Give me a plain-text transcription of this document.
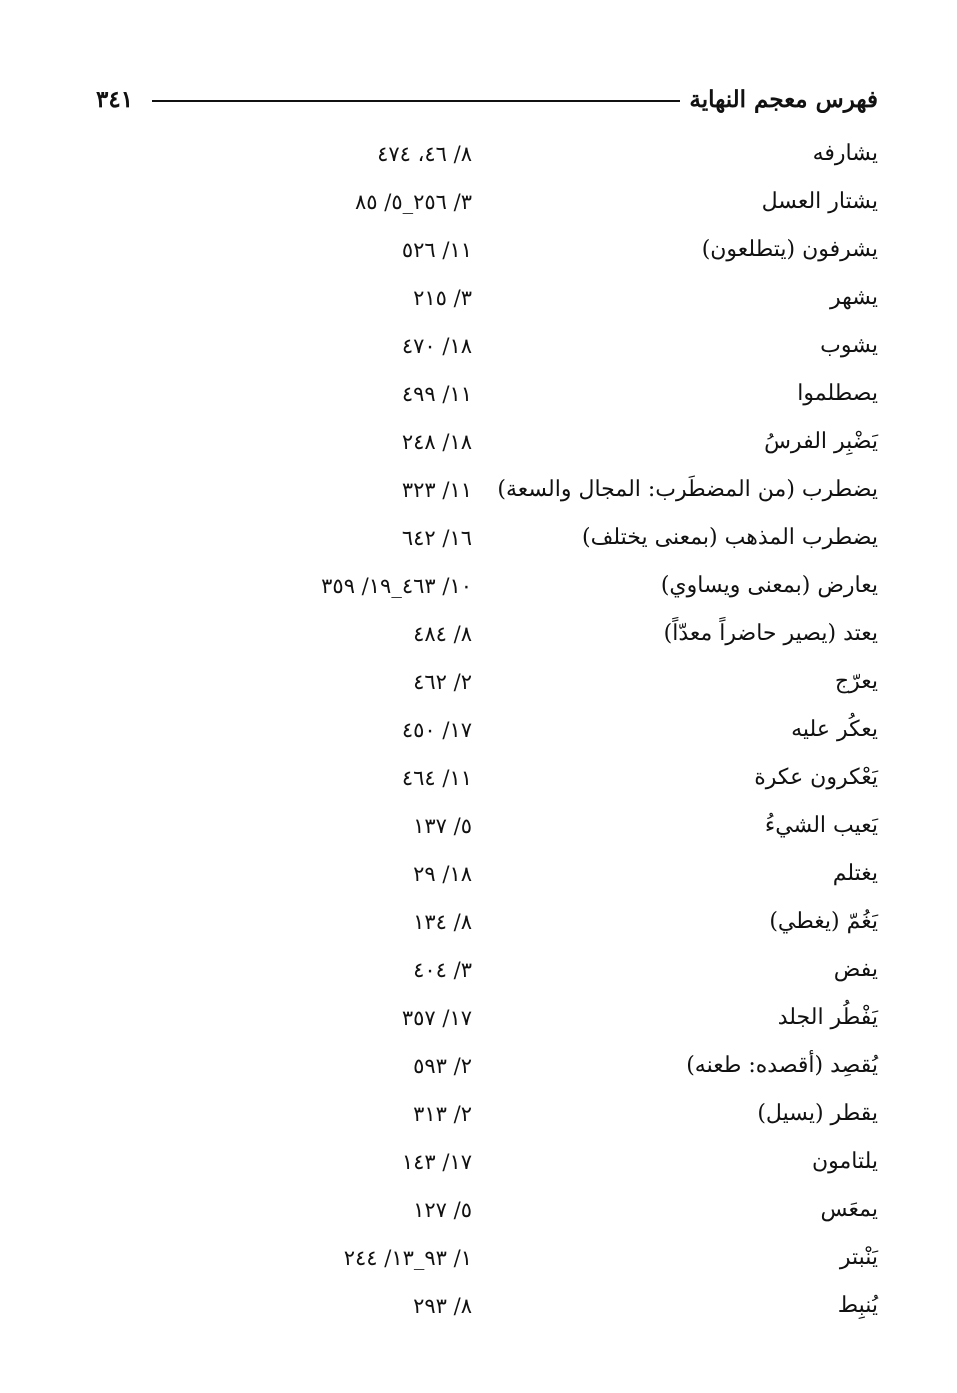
فهرس معجم النهاية
٣٤١
يشارفه
٨/ ٤٦، ٤٧٤
يشتار العسل
٣/ ٢٥٦_٥/ ٨٥
يشرفون (يتطلعون)
١١/ ٥٢٦
يشهر
٣/ ٢١٥
يشوب
١٨/ ٤٧٠
يصطلموا
١١/ ٤٩٩
يَضْبِر الفرسُ
١٨/ ٢٤٨
يضطرب (من المضطَرب: المجال والسعة)
١١/ ٣٢٣
يضطرب المذهب (بمعنى يختلف)
١٦/ ٦٤٢
يعارض (بمعنى ويساوي)
١٠/ ٤٦٣_١٩/ ٣٥٩
يعتد (يصير حاضراً معدّاً)
٨/ ٤٨٤
يعرّج
٢/ ٤٦٢
يعكُر عليه
١٧/ ٤٥٠
يَعْكرون عكرة
١١/ ٤٦٤
يَعيب الشيءُ
٥/ ١٣٧
يغتلم
١٨/ ٢٩
يَغُمّ (يغطي)
٨/ ١٣٤
يفض
٣/ ٤٠٤
يَفْطُر الجلد
١٧/ ٣٥٧
يُقصِد (أقصده: طعنه)
٢/ ٥٩٣
يقطر (يسيل)
٢/ ٣١٣
يلتامون
١٧/ ١٤٣
يمعَس
٥/ ١٢٧
يَنْبتر
١/ ٩٣_١٣/ ٢٤٤
يُنبِط
٨/ ٢٩٣
